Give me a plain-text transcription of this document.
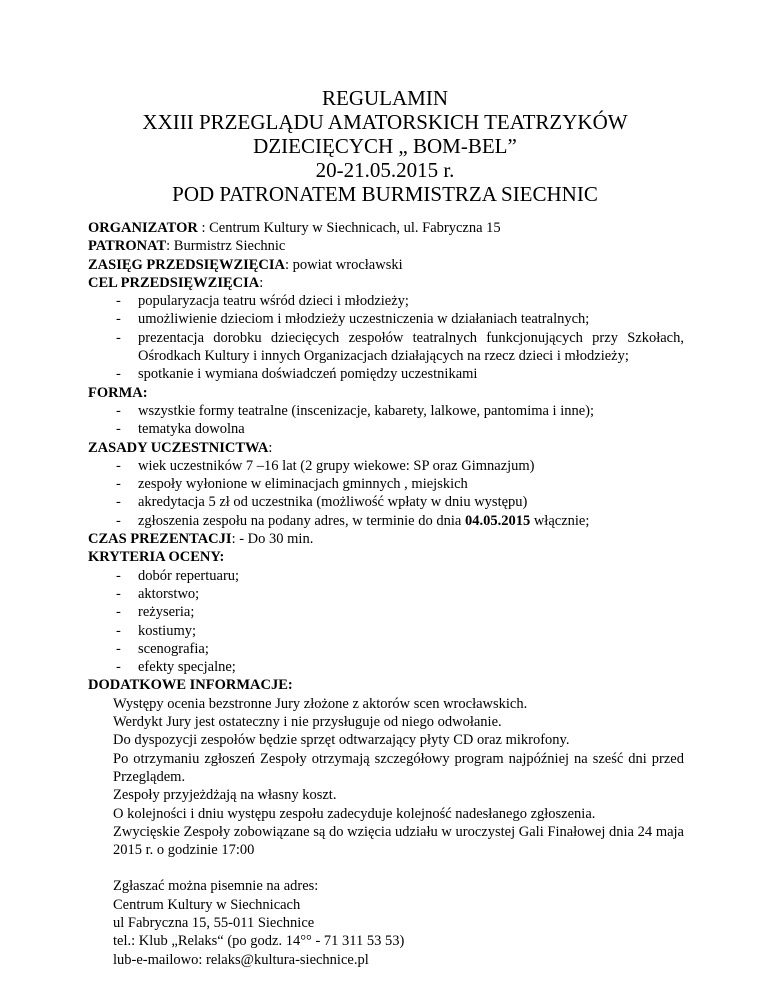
REGULAMIN
XXIII PRZEGLĄDU AMATORSKICH TEATRZYKÓW
DZIECIĘCYCH „ BOM-BEL”
20-21.05.2015 r.
POD PATRONATEM BURMISTRZA SIECHNIC
ORGANIZATOR : Centrum Kultury w Siechnicach, ul. Fabryczna 15
PATRONAT: Burmistrz Siechnic
ZASIĘG PRZEDSIĘWZIĘCIA: powiat wrocławski
CEL PRZEDSIĘWZIĘCIA:
- popularyzacja teatru wśród dzieci i młodzieży;
- umożliwienie dzieciom i młodzieży uczestniczenia w działaniach teatralnych;
- prezentacja dorobku dziecięcych zespołów teatralnych funkcjonujących przy Szkołach, Ośrodkach Kultury i innych Organizacjach działających na rzecz dzieci i młodzieży;
- spotkanie i wymiana doświadczeń pomiędzy uczestnikami
FORMA:
- wszystkie formy teatralne (inscenizacje, kabarety, lalkowe, pantomima i inne);
- tematyka dowolna
ZASADY UCZESTNICTWA:
- wiek uczestników 7 –16 lat (2 grupy wiekowe: SP oraz Gimnazjum)
- zespoły wyłonione w eliminacjach gminnych , miejskich
- akredytacja 5 zł od uczestnika (możliwość wpłaty w dniu występu)
- zgłoszenia zespołu na podany adres, w terminie do dnia 04.05.2015 włącznie;
CZAS PREZENTACJI: - Do 30 min.
KRYTERIA OCENY:
- dobór repertuaru;
- aktorstwo;
- reżyseria;
- kostiumy;
- scenografia;
- efekty specjalne;
DODATKOWE INFORMACJE:
Występy ocenia bezstronne Jury złożone z aktorów scen wrocławskich.
Werdykt Jury jest ostateczny i nie przysługuje od niego odwołanie.
Do dyspozycji zespołów będzie sprzęt odtwarzający płyty CD oraz mikrofony.
Po otrzymaniu zgłoszeń Zespoły otrzymają szczegółowy program najpóźniej na sześć dni przed Przeglądem.
Zespoły przyjeżdżają na własny koszt.
O kolejności i dniu występu zespołu zadecyduje kolejność nadesłanego zgłoszenia.
Zwycięskie Zespoły zobowiązane są do wzięcia udziału w uroczystej Gali Finałowej dnia 24 maja 2015 r. o godzinie 17:00
Zgłaszać można pisemnie na adres:
Centrum Kultury w Siechnicach
ul Fabryczna 15, 55-011 Siechnice
tel.: Klub „Relaks“ (po godz. 14°° - 71 311 53 53)
lub-e-mailowo: relaks@kultura-siechnice.pl
